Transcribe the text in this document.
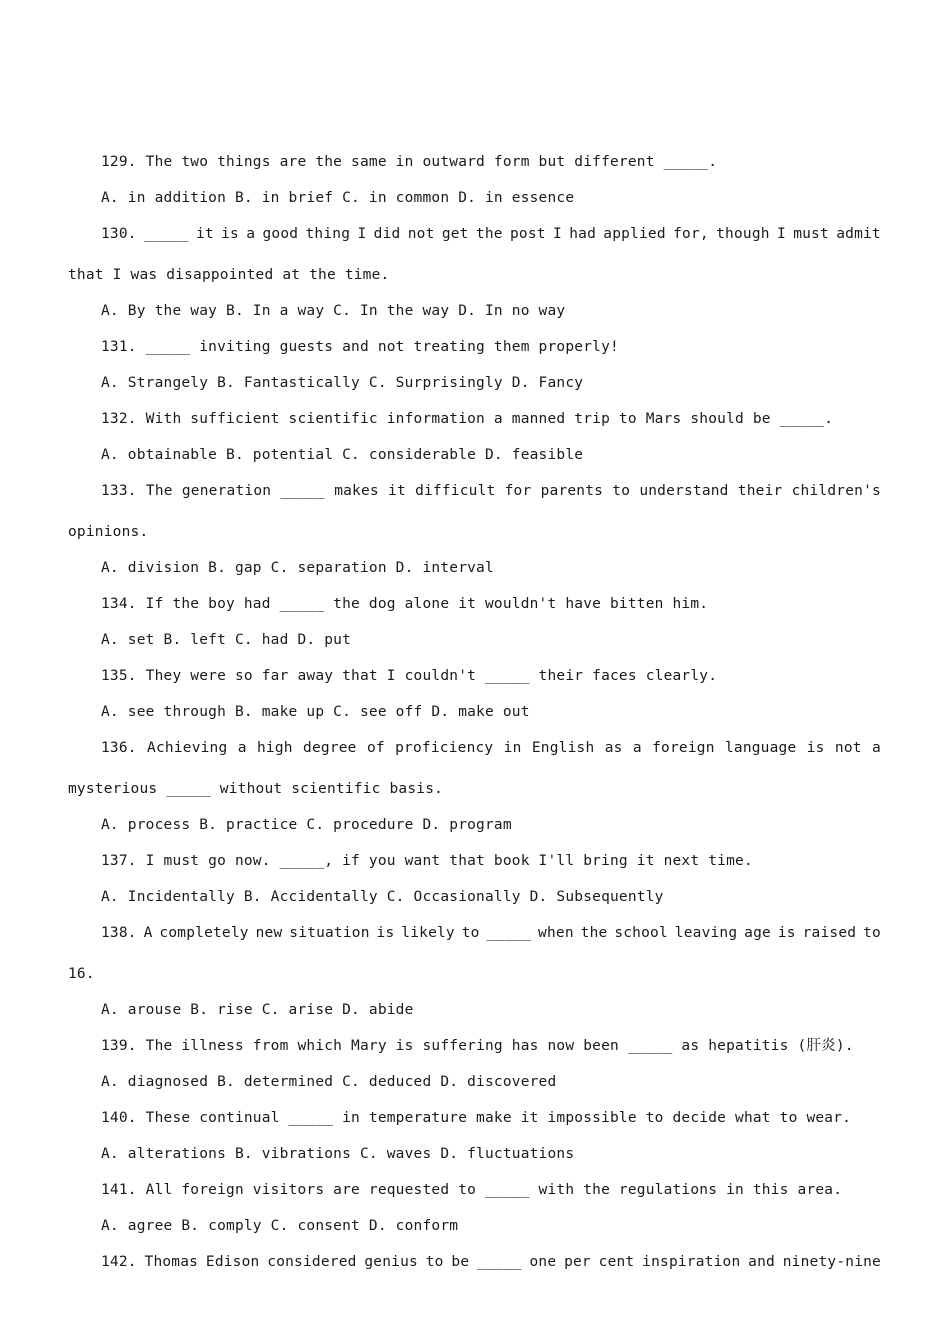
129. The two things are the same in outward form but different _____.
A. in addition B. in brief C. in common D. in essence
130. _____ it is a good thing I did not get the post I had applied for, though I must admit
that I was disappointed at the time.
A. By the way B. In a way C. In the way D. In no way
131. _____ inviting guests and not treating them properly!
A. Strangely B. Fantastically C. Surprisingly D. Fancy
132. With sufficient scientific information a manned trip to Mars should be _____.
A. obtainable B. potential C. considerable D. feasible
133. The generation _____ makes it difficult for parents to understand their children's
opinions.
A. division B. gap C. separation D. interval
134. If the boy had _____ the dog alone it wouldn't have bitten him.
A. set B. left C. had D. put
135. They were so far away that I couldn't _____ their faces clearly.
A. see through B. make up C. see off D. make out
136. Achieving a high degree of proficiency in English as a foreign language is not a
mysterious _____ without scientific basis.
A. process B. practice C. procedure D. program
137. I must go now. _____, if you want that book I'll bring it next time.
A. Incidentally B. Accidentally C. Occasionally D. Subsequently
138. A completely new situation is likely to _____ when the school leaving age is raised to
16.
A. arouse B. rise C. arise D. abide
139. The illness from which Mary is suffering has now been _____ as hepatitis (肝炎).
A. diagnosed B. determined C. deduced D. discovered
140. These continual _____ in temperature make it impossible to decide what to wear.
A. alterations B. vibrations C. waves D. fluctuations
141. All foreign visitors are requested to _____ with the regulations in this area.
A. agree B. comply C. consent D. conform
142. Thomas Edison considered genius to be _____ one per cent inspiration and ninety-nine
